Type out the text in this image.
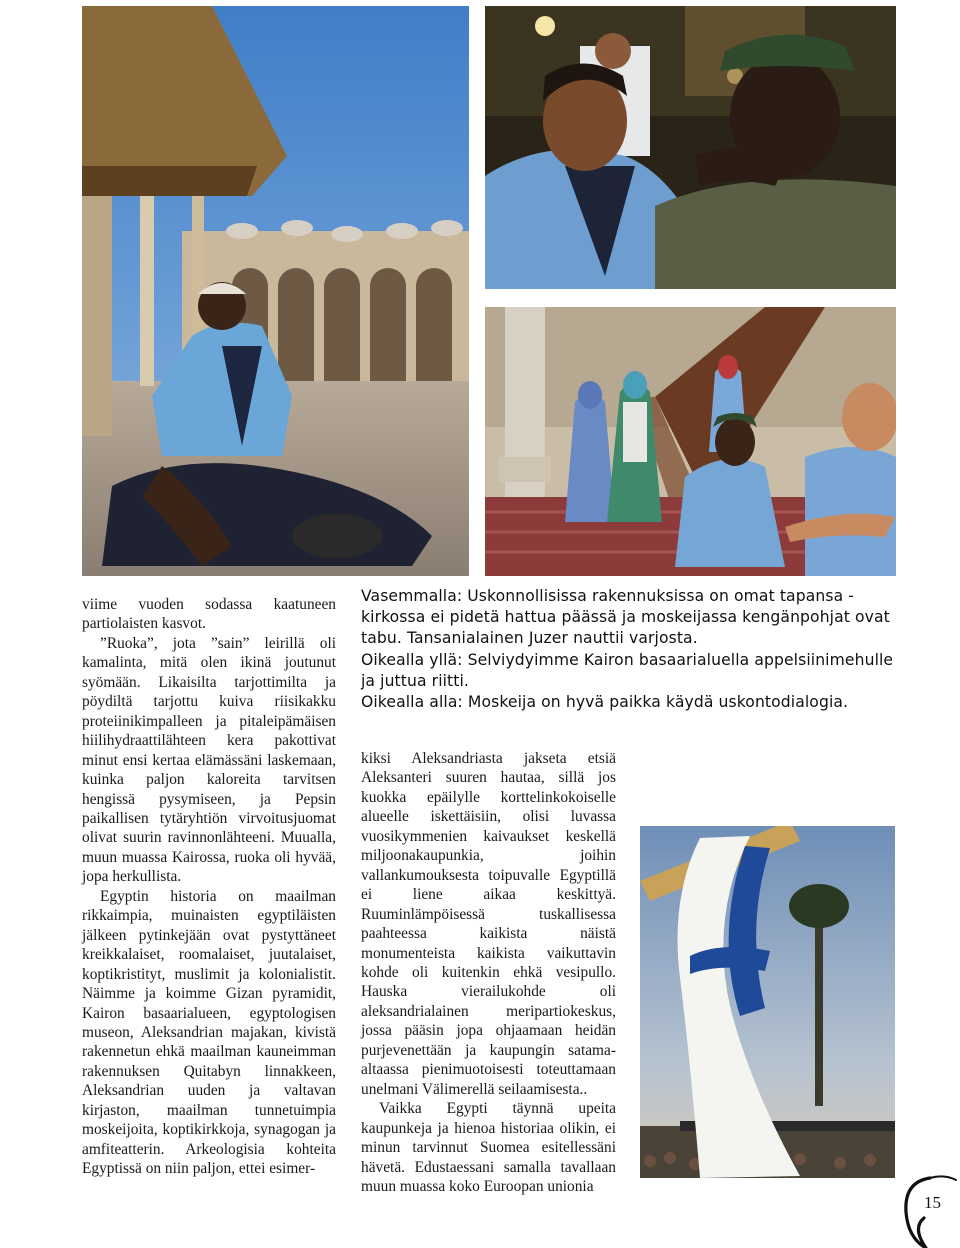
viime vuoden sodassa kaatuneen partiolaisten kasvot.

”Ruoka”, jota ”sain” leirillä oli kamalinta, mitä olen ikinä joutunut syömään. Likaisilta tarjottimilta ja pöydiltä tarjottu kuiva riisikakku proteiinikimpalleen ja pitaleipämäisen hiilihydraattilähteen kera pakottivat minut ensi kertaa elämässäni laskemaan, kuinka paljon kaloreita tarvitsen hengissä pysymiseen, ja Pepsin paikallisen tytäryhtiön virvoitusjuomat olivat suurin ravinnonlähteeni. Muualla, muun muassa Kairossa, ruoka oli hyvää, jopa herkullista.

Egyptin historia on maailman rikkaimpia, muinaisten egyptiläisten jälkeen pytinkejään ovat pystyttäneet kreikkalaiset, roomalaiset, juutalaiset, koptikristityt, muslimit ja kolonialistit. Näimme ja koimme Gizan pyramidit, Kairon basaarialueen, egyptologisen museon, Aleksandrian majakan, kivistä rakennetun ehkä maailman kauneimman rakennuksen Quitabyn linnakkeen, Aleksandrian uuden ja valtavan kirjaston, maailman tunnetuimpia moskeijoita, koptikirkkoja, synagogan ja amfiteatterin. Arkeologisia kohteita Egyptissä on niin paljon, ettei esimer-

Vasemmalla: Uskonnollisissa rakennuksissa on omat tapansa - kirkossa ei pidetä hattua päässä ja moskeijassa kengänpohjat ovat tabu. Tansanialainen Juzer nauttii varjosta.
Oikealla yllä: Selviydyimme Kairon basaarialuella appelsiinimehulle ja juttua riitti.
Oikealla alla: Moskeija on hyvä paikka käydä uskontodialogia.

kiksi Aleksandriasta jakseta etsiä Aleksanteri suuren hautaa, sillä jos kuokka epäilylle korttelinkokoiselle alueelle iskettäisiin, olisi luvassa vuosikymmenien kaivaukset keskellä miljoonakaupunkia, joihin vallankumouksesta toipuvalle Egyptillä ei liene aikaa keskittyä. Ruuminlämpöisessä tuskallisessa paahteessa kaikista näistä monumenteista kaikista vaikuttavin kohde oli kuitenkin ehkä vesipullo. Hauska vierailukohde oli aleksandrialainen meripartiokeskus, jossa pääsin jopa ohjaamaan heidän purjevenettään ja kaupungin satama-altaassa pienimuotoisesti toteuttamaan unelmani Välimerellä seilaamisesta..

Vaikka Egypti täynnä upeita kaupunkeja ja hienoa historiaa olikin, ei minun tarvinnut Suomea esitellessäni hävetä. Edustaessani samalla tavallaan muun muassa koko Euroopan unionia

15
